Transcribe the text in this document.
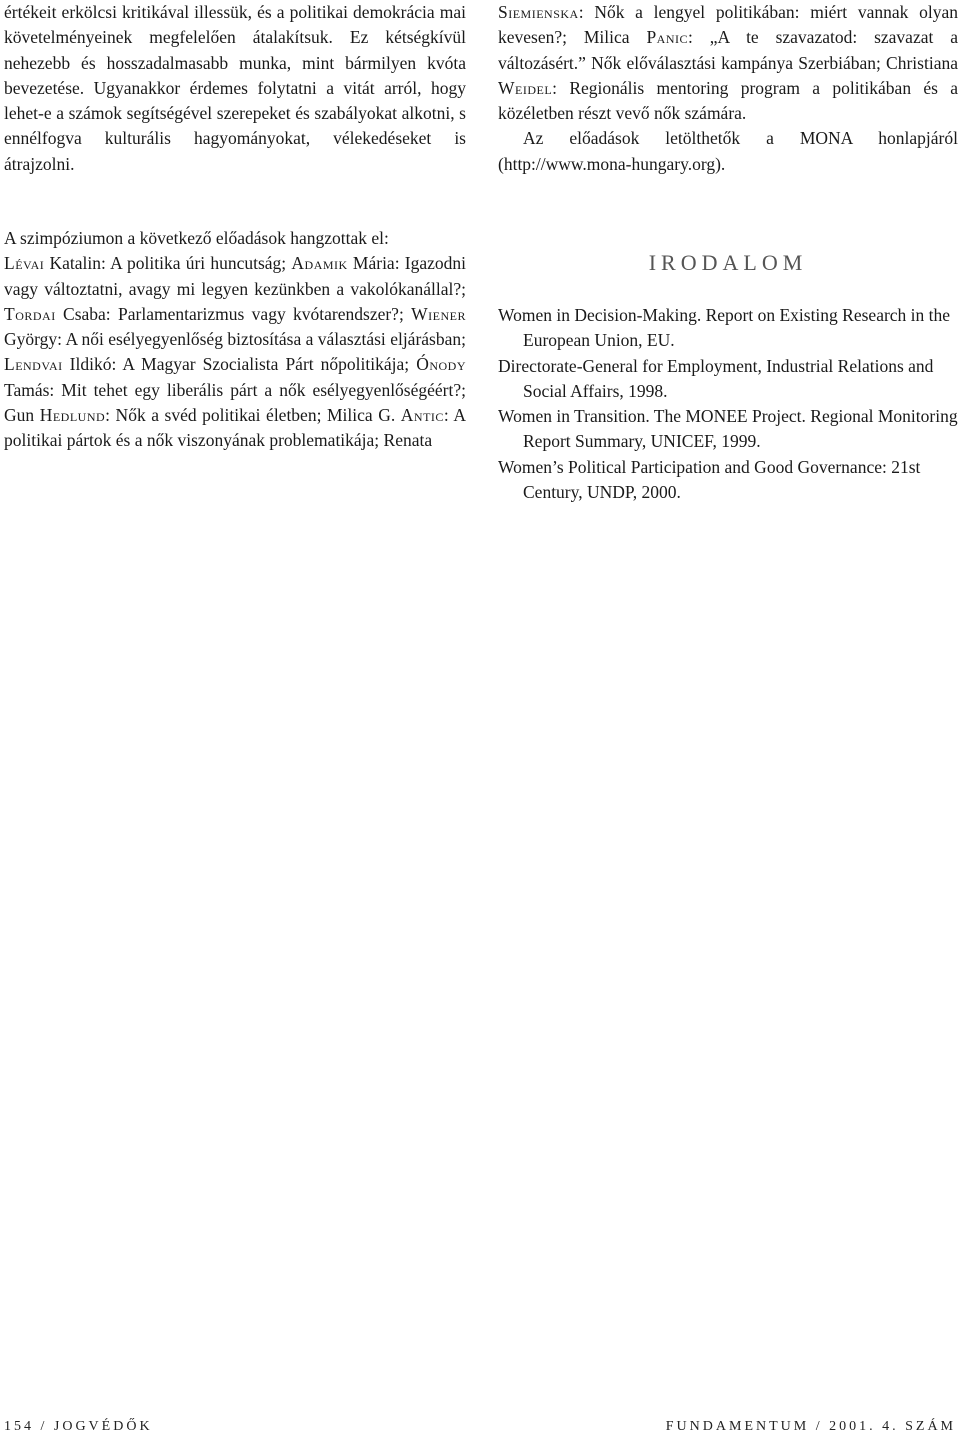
értékeit erkölcsi kritikával illessük, és a politikai demokrácia mai követelményeinek megfelelően átalakítsuk. Ez kétségkívül nehezebb és hosszadalmasabb munka, mint bármilyen kvóta bevezetése. Ugyanakkor érdemes folytatni a vitát arról, hogy lehet-e a számok segítségével szerepeket és szabályokat alkotni, s ennélfogva kulturális hagyományokat, vélekedéseket is átrajzolni.
A szimpóziumon a következő előadások hangzottak el:
Lévai Katalin: A politika úri huncutság; Adamik Mária: Igazodni vagy változtatni, avagy mi legyen kezünkben a vakolókanállal?; Tordai Csaba: Parlamentarizmus vagy kvótarendszer?; Wiener György: A női esélyegyenlőség biztosítása a választási eljárásban; Lendvai Ildikó: A Magyar Szocialista Párt nőpolitikája; Ónody Tamás: Mit tehet egy liberális párt a nők esélyegyenlőségéért?; Gun Hedlund: Nők a svéd politikai életben; Milica G. Antic: A politikai pártok és a nők viszonyának problematikája; Renata
Siemienska: Nők a lengyel politikában: miért vannak olyan kevesen?; Milica Panic: „A te szavazatod: szavazat a változásért.” Nők előválasztási kampánya Szerbiában; Christiana Weidel: Regionális mentoring program a politikában és a közéletben részt vevő nők számára.
Az előadások letölthetők a MONA honlapjáról (http://www.mona-hungary.org).
IRODALOM
Women in Decision-Making. Report on Existing Research in the European Union, EU.
Directorate-General for Employment, Industrial Relations and Social Affairs, 1998.
Women in Transition. The MONEE Project. Regional Monitoring Report Summary, UNICEF, 1999.
Women’s Political Participation and Good Governance: 21st Century, UNDP, 2000.
154 / JOGVÉDŐK	FUNDAMENTUM / 2001. 4. SZÁM
